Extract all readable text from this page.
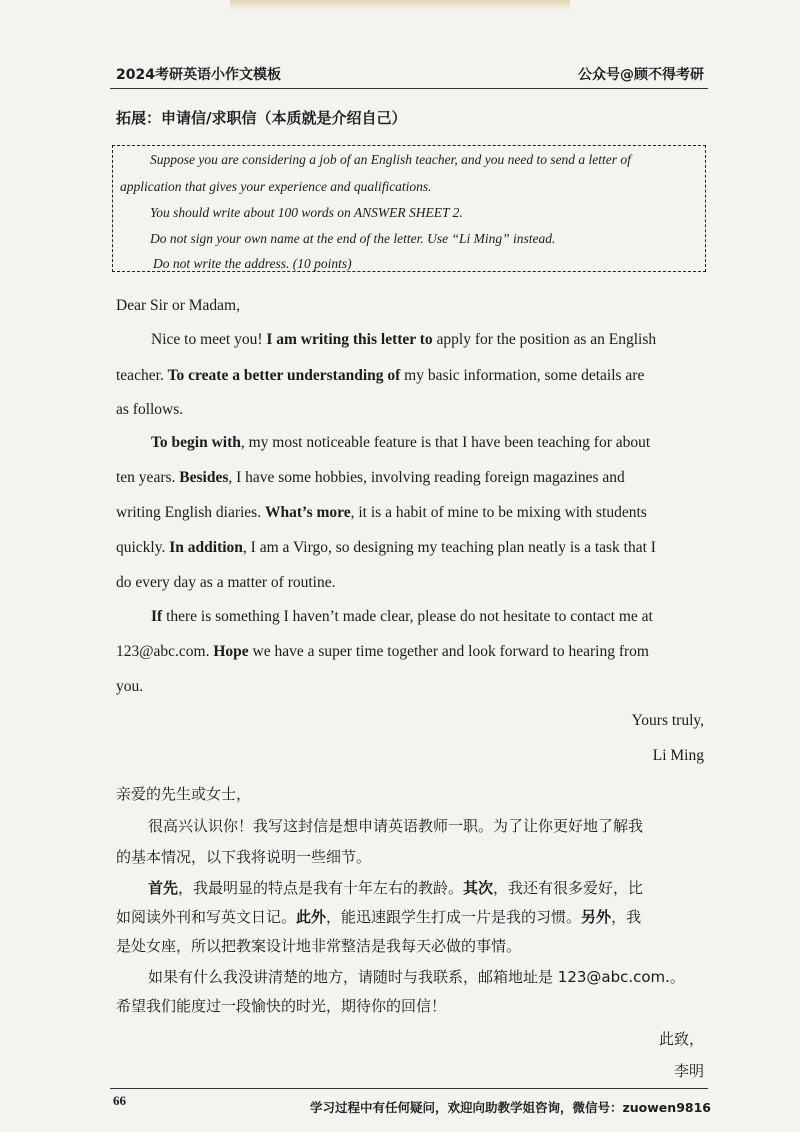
2024考研英语小作文模板	公众号@顾不得考研
拓展：申请信/求职信（本质就是介绍自己）
Suppose you are considering a job of an English teacher, and you need to send a letter of
application that gives your experience and qualifications.
You should write about 100 words on ANSWER SHEET 2.
Do not sign your own name at the end of the letter. Use “Li Ming” instead.
Do not write the address. (10 points)
Dear Sir or Madam,
Nice to meet you! I am writing this letter to apply for the position as an English
teacher. To create a better understanding of my basic information, some details are
as follows.
To begin with, my most noticeable feature is that I have been teaching for about
ten years. Besides, I have some hobbies, involving reading foreign magazines and
writing English diaries. What’s more, it is a habit of mine to be mixing with students
quickly. In addition, I am a Virgo, so designing my teaching plan neatly is a task that I
do every day as a matter of routine.
If there is something I haven’t made clear, please do not hesitate to contact me at
123@abc.com. Hope we have a super time together and look forward to hearing from
you.
Yours truly,
Li Ming
亲爱的先生或女士，
很高兴认识你！我写这封信是想申请英语教师一职。为了让你更好地了解我
的基本情况，以下我将说明一些细节。
首先，我最明显的特点是我有十年左右的教龄。其次，我还有很多爱好，比
如阅读外刊和写英文日记。此外，能迅速跟学生打成一片是我的习惯。另外，我
是处女座，所以把教案设计地非常整洁是我每天必做的事情。
如果有什么我没讲清楚的地方，请随时与我联系，邮箱地址是 123@abc.com.。
希望我们能度过一段愉快的时光，期待你的回信！
此致，
李明
66	学习过程中有任何疑问，欢迎向助教学姐咨询，微信号：zuowen9816
